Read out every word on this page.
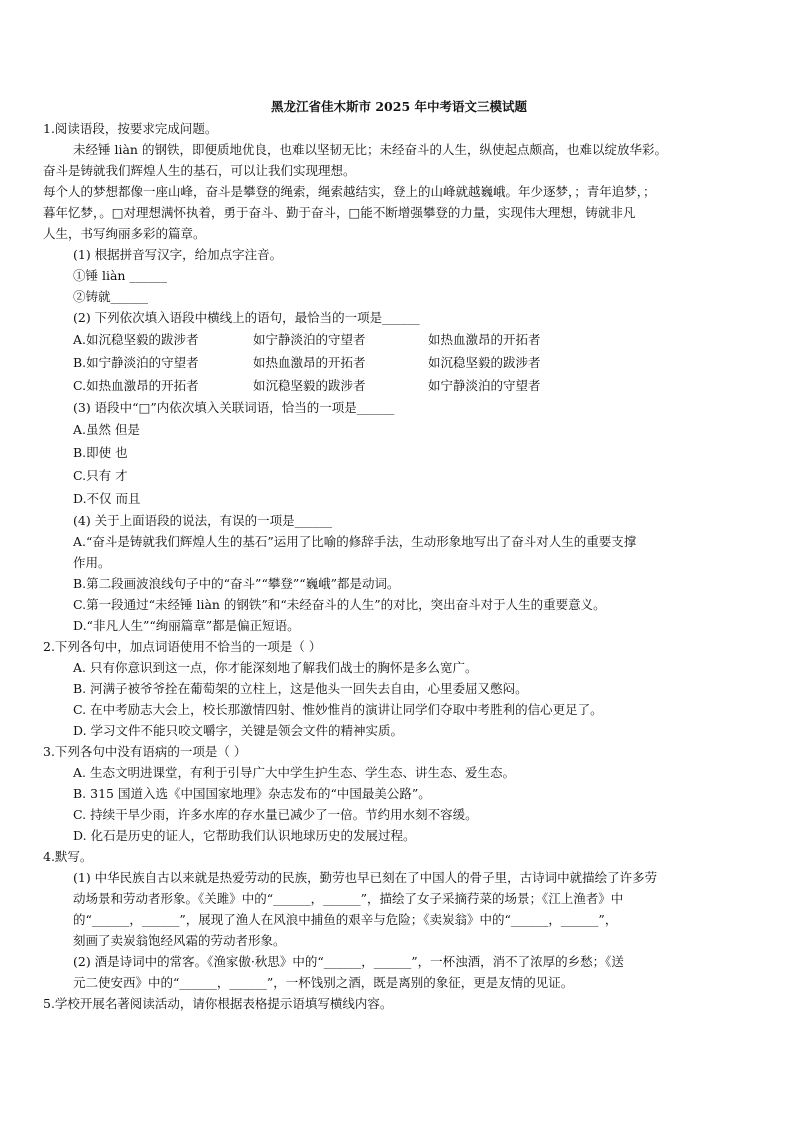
黑龙江省佳木斯市 2025 年中考语文三模试题
1.阅读语段，按要求完成问题。
未经锤 liàn 的钢铁，即便质地优良，也难以坚韧无比；未经奋斗的人生，纵使起点颇高，也难以绽放华彩。
奋斗是铸就我们辉煌人生的基石，可以让我们实现理想。
每个人的梦想都像一座山峰，奋斗是攀登的绳索，绳索越结实，登上的山峰就越巍峨。年少逐梦，；青年追梦，；
暮年忆梦，。□对理想满怀执着，勇于奋斗、勤于奋斗，□能不断增强攀登的力量，实现伟大理想，铸就非凡
人生，书写绚丽多彩的篇章。
(1) 根据拼音写汉字，给加点字注音。
①锤 liàn ______
②铸就______
(2) 下列依次填入语段中横线上的语句，最恰当的一项是______
A.如沉稳坚毅的跋涉者	如宁静淡泊的守望者	如热血激昂的开拓者
B.如宁静淡泊的守望者	如热血激昂的开拓者	如沉稳坚毅的跋涉者
C.如热血激昂的开拓者	如沉稳坚毅的跋涉者	如宁静淡泊的守望者
(3) 语段中“□”内依次填入关联词语，恰当的一项是______
A.虽然 但是
B.即使 也
C.只有 才
D.不仅 而且
(4) 关于上面语段的说法，有误的一项是______
A.“奋斗是铸就我们辉煌人生的基石”运用了比喻的修辞手法，生动形象地写出了奋斗对人生的重要支撑
作用。
B.第二段画波浪线句子中的“奋斗”“攀登”“巍峨”都是动词。
C.第一段通过“未经锤 liàn 的钢铁”和“未经奋斗的人生”的对比，突出奋斗对于人生的重要意义。
D.“非凡人生”“绚丽篇章”都是偏正短语。
2.下列各句中，加点词语使用不恰当的一项是（ ）
A. 只有你意识到这一点，你才能深刻地了解我们战士的胸怀是多么宽广。
B. 河满子被爷爷拴在葡萄架的立柱上，这是他头一回失去自由，心里委屈又憋闷。
C. 在中考励志大会上，校长那激情四射、惟妙惟肖的演讲让同学们夺取中考胜利的信心更足了。
D. 学习文件不能只咬文嚼字，关键是领会文件的精神实质。
3.下列各句中没有语病的一项是（ ）
A. 生态文明进课堂，有利于引导广大中学生护生态、学生态、讲生态、爱生态。
B. 315 国道入选《中国国家地理》杂志发布的“中国最美公路”。
C. 持续干旱少雨，许多水库的存水量已减少了一倍。节约用水刻不容缓。
D. 化石是历史的证人，它帮助我们认识地球历史的发展过程。
4.默写。
(1) 中华民族自古以来就是热爱劳动的民族，勤劳也早已刻在了中国人的骨子里，古诗词中就描绘了许多劳
动场景和劳动者形象。《关雎》中的“______，______”，描绘了女子采摘荇菜的场景；《江上渔者》中
的“______，______”，展现了渔人在风浪中捕鱼的艰辛与危险；《卖炭翁》中的“______，______”，
刻画了卖炭翁饱经风霜的劳动者形象。
(2) 酒是诗词中的常客。《渔家傲·秋思》中的“______，______”，一杯浊酒，消不了浓厚的乡愁；《送
元二使安西》中的“______，______”，一杯饯别之酒，既是离别的象征，更是友情的见证。
5.学校开展名著阅读活动，请你根据表格提示语填写横线内容。
